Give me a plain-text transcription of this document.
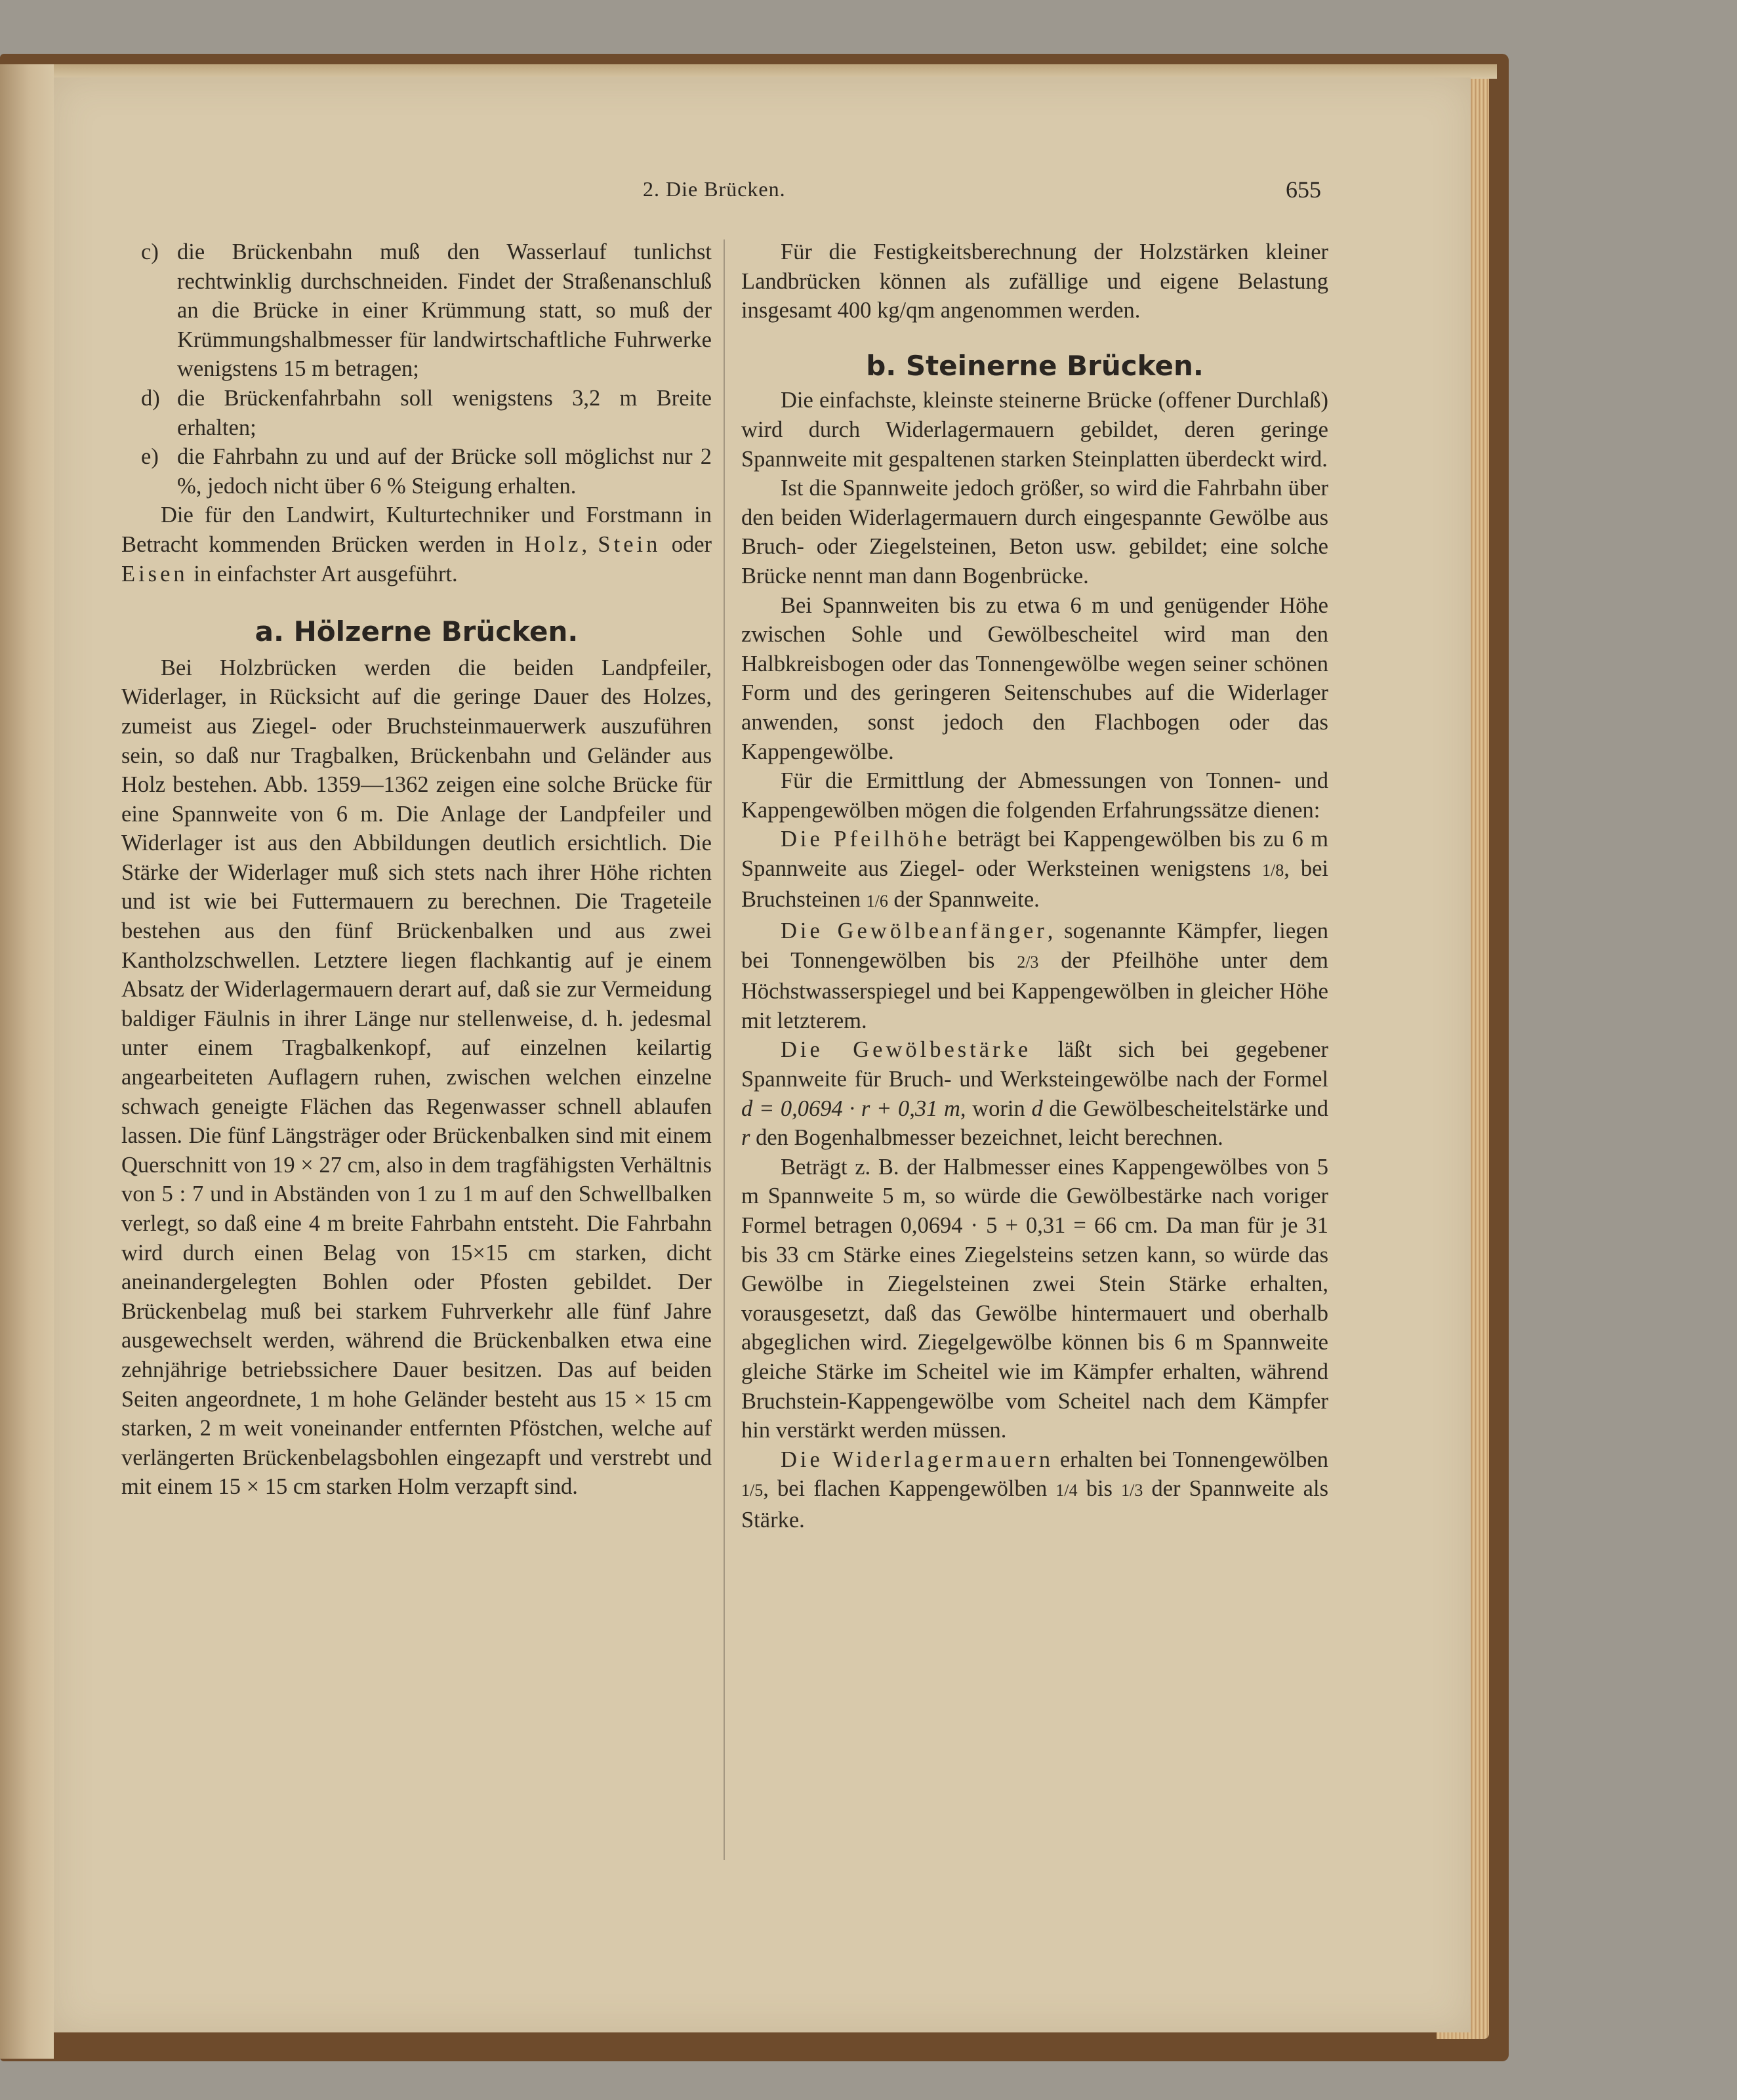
2. Die Brücken.	655
c) die Brückenbahn muß den Wasserlauf tunlichst rechtwinklig durchschneiden. Findet der Straßenanschluß an die Brücke in einer Krümmung statt, so muß der Krümmungshalbmesser für landwirtschaftliche Fuhrwerke wenigstens 15 m betragen;
d) die Brückenfahrbahn soll wenigstens 3,2 m Breite erhalten;
e) die Fahrbahn zu und auf der Brücke soll möglichst nur 2 %, jedoch nicht über 6 % Steigung erhalten.

Die für den Landwirt, Kulturtechniker und Forstmann in Betracht kommenden Brücken werden in Holz, Stein oder Eisen in einfachster Art ausgeführt.

a. Hölzerne Brücken.

Bei Holzbrücken werden die beiden Landpfeiler, Widerlager, in Rücksicht auf die geringe Dauer des Holzes, zumeist aus Ziegel- oder Bruchsteinmauerwerk auszuführen sein, so daß nur Tragbalken, Brückenbahn und Geländer aus Holz bestehen. Abb. 1359—1362 zeigen eine solche Brücke für eine Spannweite von 6 m. Die Anlage der Landpfeiler und Widerlager ist aus den Abbildungen deutlich ersichtlich. Die Stärke der Widerlager muß sich stets nach ihrer Höhe richten und ist wie bei Futtermauern zu berechnen. Die Trageteile bestehen aus den fünf Brückenbalken und aus zwei Kantholzschwellen. Letztere liegen flachkantig auf je einem Absatz der Widerlagermauern derart auf, daß sie zur Vermeidung baldiger Fäulnis in ihrer Länge nur stellenweise, d. h. jedesmal unter einem Tragbalkenkopf, auf einzelnen keilartig angearbeiteten Auflagern ruhen, zwischen welchen einzelne schwach geneigte Flächen das Regenwasser schnell ablaufen lassen. Die fünf Längsträger oder Brückenbalken sind mit einem Querschnitt von 19 × 27 cm, also in dem tragfähigsten Verhältnis von 5 : 7 und in Abständen von 1 zu 1 m auf den Schwellbalken verlegt, so daß eine 4 m breite Fahrbahn entsteht. Die Fahrbahn wird durch einen Belag von 15×15 cm starken, dicht aneinandergelegten Bohlen oder Pfosten gebildet. Der Brückenbelag muß bei starkem Fuhrverkehr alle fünf Jahre ausgewechselt werden, während die Brückenbalken etwa eine zehnjährige betriebssichere Dauer besitzen. Das auf beiden Seiten angeordnete, 1 m hohe Geländer besteht aus 15 × 15 cm starken, 2 m weit voneinander entfernten Pföstchen, welche auf verlängerten Brückenbelagsbohlen eingezapft und verstrebt und mit einem 15 × 15 cm starken Holm verzapft sind.

Für die Festigkeitsberechnung der Holzstärken kleiner Landbrücken können als zufällige und eigene Belastung insgesamt 400 kg/qm angenommen werden.

b. Steinerne Brücken.

Die einfachste, kleinste steinerne Brücke (offener Durchlaß) wird durch Widerlagermauern gebildet, deren geringe Spannweite mit gespaltenen starken Steinplatten überdeckt wird.

Ist die Spannweite jedoch größer, so wird die Fahrbahn über den beiden Widerlagermauern durch eingespannte Gewölbe aus Bruch- oder Ziegelsteinen, Beton usw. gebildet; eine solche Brücke nennt man dann Bogenbrücke.

Bei Spannweiten bis zu etwa 6 m und genügender Höhe zwischen Sohle und Gewölbescheitel wird man den Halbkreisbogen oder das Tonnengewölbe wegen seiner schönen Form und des geringeren Seitenschubes auf die Widerlager anwenden, sonst jedoch den Flachbogen oder das Kappengewölbe.

Für die Ermittlung der Abmessungen von Tonnen- und Kappengewölben mögen die folgenden Erfahrungssätze dienen:

Die Pfeilhöhe beträgt bei Kappengewölben bis zu 6 m Spannweite aus Ziegel- oder Werksteinen wenigstens 1/8, bei Bruchsteinen 1/6 der Spannweite.

Die Gewölbeanfänger, sogenannte Kämpfer, liegen bei Tonnengewölben bis 2/3 der Pfeilhöhe unter dem Höchstwasserspiegel und bei Kappengewölben in gleicher Höhe mit letzterem.

Die Gewölbestärke läßt sich bei gegebener Spannweite für Bruch- und Werksteingewölbe nach der Formel d = 0,0694 · r + 0,31 m, worin d die Gewölbescheitelstärke und r den Bogenhalbmesser bezeichnet, leicht berechnen.

Beträgt z. B. der Halbmesser eines Kappengewölbes von 5 m Spannweite 5 m, so würde die Gewölbestärke nach voriger Formel betragen 0,0694 · 5 + 0,31 = 66 cm. Da man für je 31 bis 33 cm Stärke eines Ziegelsteins setzen kann, so würde das Gewölbe in Ziegelsteinen zwei Stein Stärke erhalten, vorausgesetzt, daß das Gewölbe hintermauert und oberhalb abgeglichen wird. Ziegelgewölbe können bis 6 m Spannweite gleiche Stärke im Scheitel wie im Kämpfer erhalten, während Bruchstein-Kappengewölbe vom Scheitel nach dem Kämpfer hin verstärkt werden müssen.

Die Widerlagermauern erhalten bei Tonnengewölben 1/5, bei flachen Kappengewölben 1/4 bis 1/3 der Spannweite als Stärke.
